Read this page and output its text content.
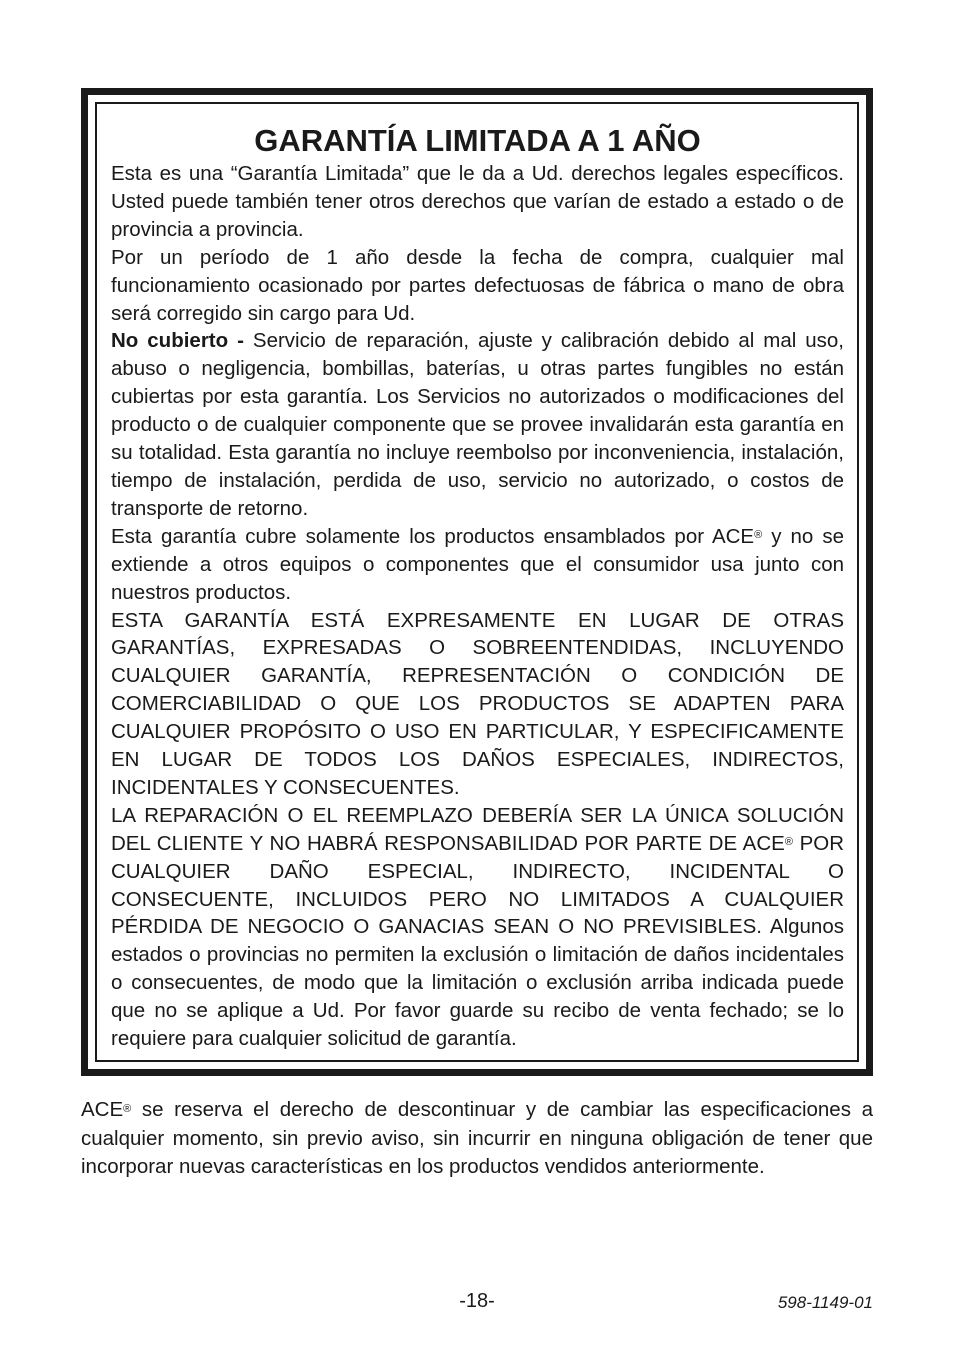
GARANTÍA LIMITADA A 1 AÑO

Esta es una “Garantía Limitada” que le da a Ud. derechos legales específicos. Usted puede también tener otros derechos que varían de estado a estado o de provincia a provincia.

Por un período de 1 año desde la fecha de compra, cualquier mal funcionamiento ocasionado por partes defectuosas de fábrica o mano de obra será corregido sin cargo para Ud.

No cubierto - Servicio de reparación, ajuste y calibración debido al mal uso, abuso o negligencia, bombillas, baterías, u otras partes fungibles no están cubiertas por esta garantía. Los Servicios no autorizados o modificaciones del producto o de cualquier componente que se provee invalidarán esta garantía en su totalidad. Esta garantía no incluye reembolso por inconveniencia, instalación, tiempo de instalación, perdida de uso, servicio no autorizado, o costos de transporte de retorno.

Esta garantía cubre solamente los productos ensamblados por ACE® y no se extiende a otros equipos o componentes que el consumidor usa junto con nuestros productos.

ESTA GARANTÍA ESTÁ EXPRESAMENTE EN LUGAR DE OTRAS GARANTÍAS, EXPRESADAS O SOBREENTENDIDAS, INCLUYENDO CUALQUIER GARANTÍA, REPRESENTACIÓN O CONDICIÓN DE COMERCIABILIDAD O QUE LOS PRODUCTOS SE ADAPTEN PARA CUALQUIER PROPÓSITO O USO EN PARTICULAR, Y ESPECIFICAMENTE EN LUGAR DE TODOS LOS DAÑOS ESPECIALES, INDIRECTOS, INCIDENTALES Y CONSECUENTES.

LA REPARACIÓN O EL REEMPLAZO DEBERÍA SER LA ÚNICA SOLUCIÓN DEL CLIENTE Y NO HABRÁ RESPONSABILIDAD POR PARTE DE ACE® POR CUALQUIER DAÑO ESPECIAL, INDIRECTO, INCIDENTAL O CONSECUENTE, INCLUIDOS PERO NO LIMITADOS A CUALQUIER PÉRDIDA DE NEGOCIO O GANACIAS SEAN O NO PREVISIBLES. Algunos estados o provincias no permiten la exclusión o limitación de daños incidentales o consecuentes, de modo que la limitación o exclusión arriba indicada puede que no se aplique a Ud. Por favor guarde su recibo de venta fechado; se lo requiere para cualquier solicitud de garantía.

ACE® se reserva el derecho de descontinuar y de cambiar las especificaciones a cualquier momento, sin previo aviso, sin incurrir en ninguna obligación de tener que incorporar nuevas características en los productos vendidos anteriormente.

-18-	598-1149-01
